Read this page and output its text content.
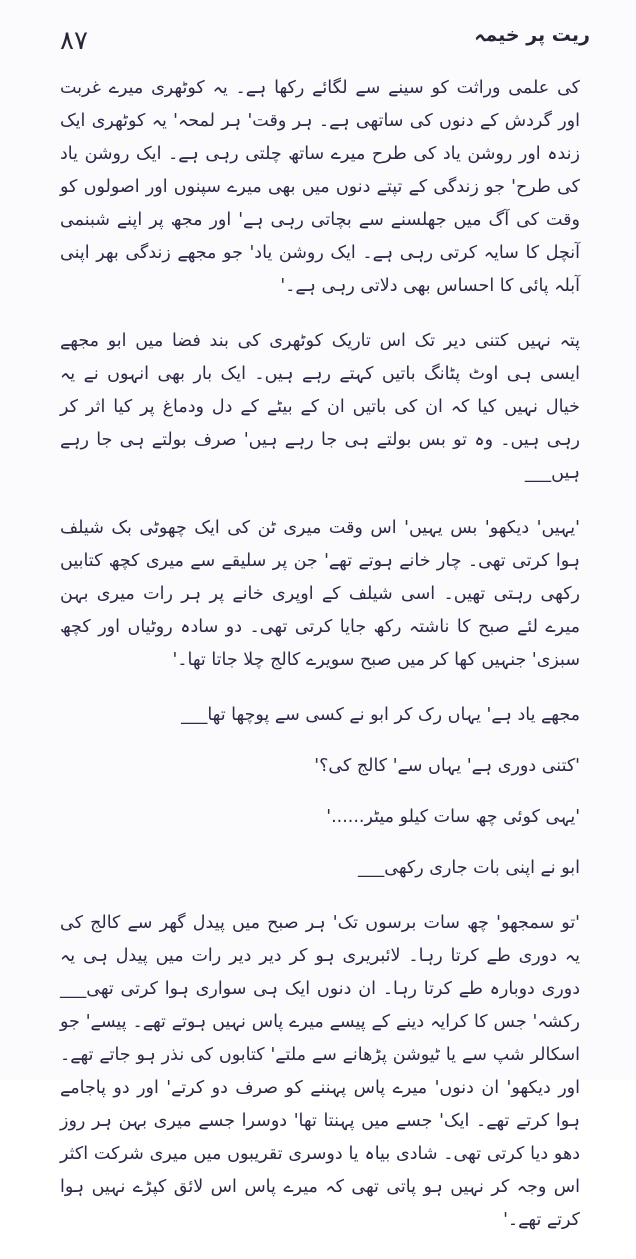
٨٧	ریت پر خیمہ

کی علمی وراثت کو سینے سے لگائے رکھا ہے۔ یہ کوٹھری میرے غربت اور گردش کے دنوں کی ساتھی ہے۔ ہر وقت' ہر لمحہ' یہ کوٹھری ایک زندہ اور روشن یاد کی طرح میرے ساتھ چلتی رہی ہے۔ ایک روشن یاد کی طرح' جو زندگی کے تپتے دنوں میں بھی میرے سپنوں اور اصولوں کو وقت کی آگ میں جھلسنے سے بچاتی رہی ہے' اور مجھ پر اپنے شبنمی آنچل کا سایہ کرتی رہی ہے۔ ایک روشن یاد' جو مجھے زندگی بھر اپنی آبلہ پائی کا احساس بھی دلاتی رہی ہے۔'

پتہ نہیں کتنی دیر تک اس تاریک کوٹھری کی بند فضا میں ابو مجھے ایسی ہی اوٹ پٹانگ باتیں کہتے رہے ہیں۔ ایک بار بھی انہوں نے یہ خیال نہیں کیا کہ ان کی باتیں ان کے بیٹے کے دل ودماغ پر کیا اثر کر رہی ہیں۔ وہ تو بس بولتے ہی جا رہے ہیں' صرف بولتے ہی جا رہے ہیں___

'یہیں' دیکھو' بس یہیں' اس وقت میری ٹن کی ایک چھوٹی بک شیلف ہوا کرتی تھی۔ چار خانے ہوتے تھے' جن پر سلیقے سے میری کچھ کتابیں رکھی رہتی تھیں۔ اسی شیلف کے اوپری خانے پر ہر رات میری بہن میرے لئے صبح کا ناشتہ رکھ جایا کرتی تھی۔ دو سادہ روٹیاں اور کچھ سبزی' جنہیں کھا کر میں صبح سویرے کالج چلا جاتا تھا۔'

مجھے یاد ہے' یہاں رک کر ابو نے کسی سے پوچھا تھا___

'کتنی دوری ہے' یہاں سے' کالج کی؟'

'یہی کوئی چھ سات کیلو میٹر......'

ابو نے اپنی بات جاری رکھی___

'تو سمجھو' چھ سات برسوں تک' ہر صبح میں پیدل گھر سے کالج کی یہ دوری طے کرتا رہا۔ لائبریری ہو کر دیر دیر رات میں پیدل ہی یہ دوری دوبارہ طے کرتا رہا۔ ان دنوں ایک ہی سواری ہوا کرتی تھی___ رکشہ' جس کا کرایہ دینے کے پیسے میرے پاس نہیں ہوتے تھے۔ پیسے' جو اسکالر شپ سے یا ٹیوشن پڑھانے سے ملتے' کتابوں کی نذر ہو جاتے تھے۔ اور دیکھو' ان دنوں' میرے پاس پہننے کو صرف دو کرتے' اور دو پاجامے ہوا کرتے تھے۔ ایک' جسے میں پہنتا تھا' دوسرا جسے میری بہن ہر روز دھو دیا کرتی تھی۔ شادی بیاہ یا دوسری تقریبوں میں میری شرکت اکثر اس وجہ کر نہیں ہو پاتی تھی کہ میرے پاس اس لائق کپڑے نہیں ہوا کرتے تھے۔'
